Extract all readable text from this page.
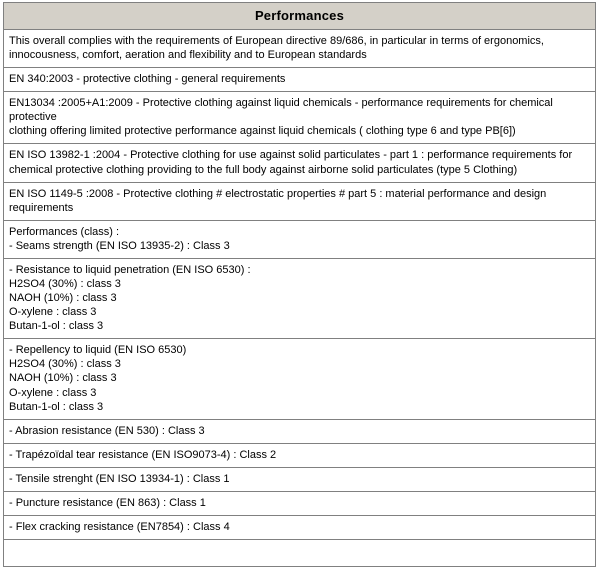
Performances
This overall complies with the requirements of European directive 89/686, in particular in terms of ergonomics,
innocousness, comfort, aeration and flexibility and to European standards
EN 340:2003 - protective clothing - general requirements
EN13034 :2005+A1:2009 - Protective clothing against liquid chemicals - performance requirements for chemical protective
clothing offering limited protective performance against liquid chemicals ( clothing type 6 and type PB[6])
EN ISO 13982-1 :2004 - Protective clothing for use against solid particulates - part 1 : performance requirements for
chemical protective clothing providing to the full body against airborne solid particulates (type 5 Clothing)
EN ISO 1149-5 :2008 - Protective clothing # electrostatic properties # part 5 : material performance and design requirements
Performances (class) :
- Seams strength (EN ISO 13935-2) : Class 3
- Resistance to liquid penetration (EN ISO 6530) :
H2SO4 (30%) : class 3
NAOH (10%) : class 3
O-xylene : class 3
Butan-1-ol : class 3
- Repellency to liquid (EN ISO 6530)
H2SO4 (30%) : class 3
NAOH (10%) : class 3
O-xylene : class 3
Butan-1-ol : class 3
- Abrasion resistance (EN 530) : Class 3
- Trapézoïdal tear resistance (EN ISO9073-4) : Class 2
- Tensile strenght (EN ISO 13934-1) : Class 1
- Puncture resistance (EN 863) : Class 1
- Flex cracking resistance (EN7854) : Class 4
